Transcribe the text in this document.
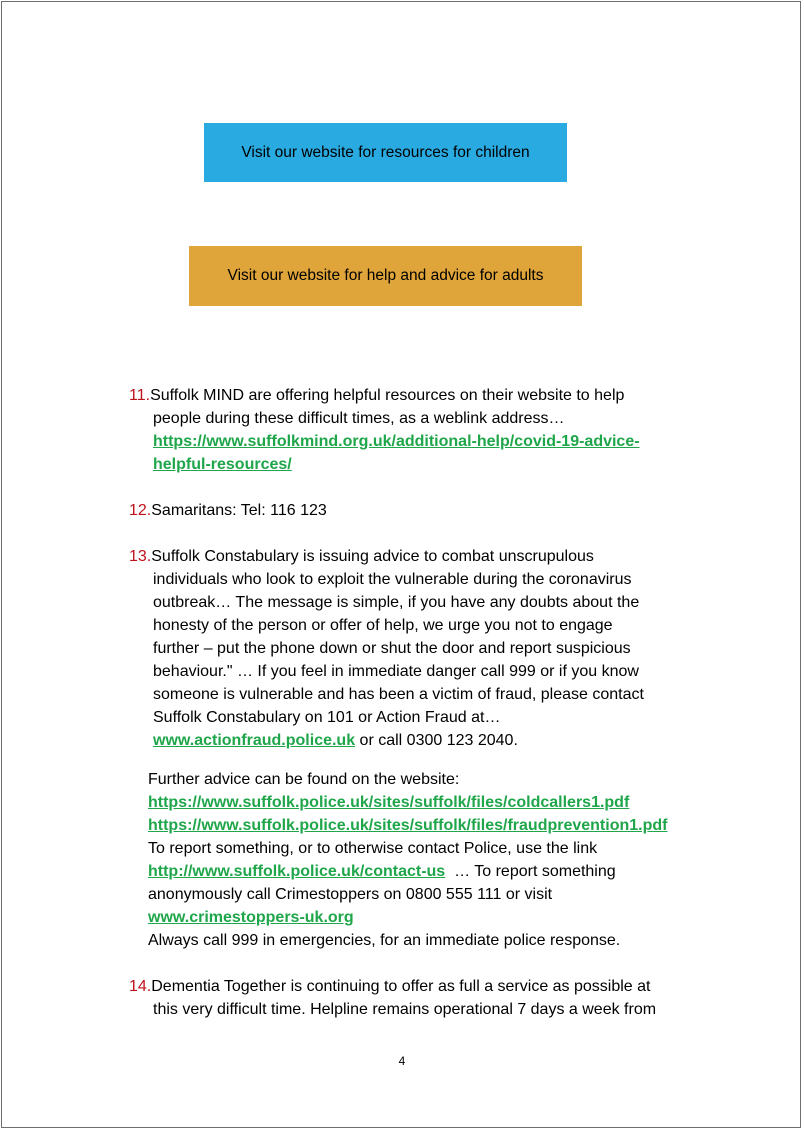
Visit our website for resources for children
Visit our website for help and advice for adults
11.Suffolk MIND are offering helpful resources on their website to help
people during these difficult times, as a weblink address…
https://www.suffolkmind.org.uk/additional-help/covid-19-advice-
helpful-resources/
12.Samaritans: Tel: 116 123
13.Suffolk Constabulary is issuing advice to combat unscrupulous
individuals who look to exploit the vulnerable during the coronavirus
outbreak… The message is simple, if you have any doubts about the
honesty of the person or offer of help, we urge you not to engage
further – put the phone down or shut the door and report suspicious
behaviour." … If you feel in immediate danger call 999 or if you know
someone is vulnerable and has been a victim of fraud, please contact
Suffolk Constabulary on 101 or Action Fraud at…
www.actionfraud.police.uk or call 0300 123 2040.
Further advice can be found on the website:
https://www.suffolk.police.uk/sites/suffolk/files/coldcallers1.pdf
https://www.suffolk.police.uk/sites/suffolk/files/fraudprevention1.pdf
To report something, or to otherwise contact Police, use the link
http://www.suffolk.police.uk/contact-us  … To report something
anonymously call Crimestoppers on 0800 555 111 or visit
www.crimestoppers-uk.org
Always call 999 in emergencies, for an immediate police response.
14.Dementia Together is continuing to offer as full a service as possible at
this very difficult time. Helpline remains operational 7 days a week from
4
